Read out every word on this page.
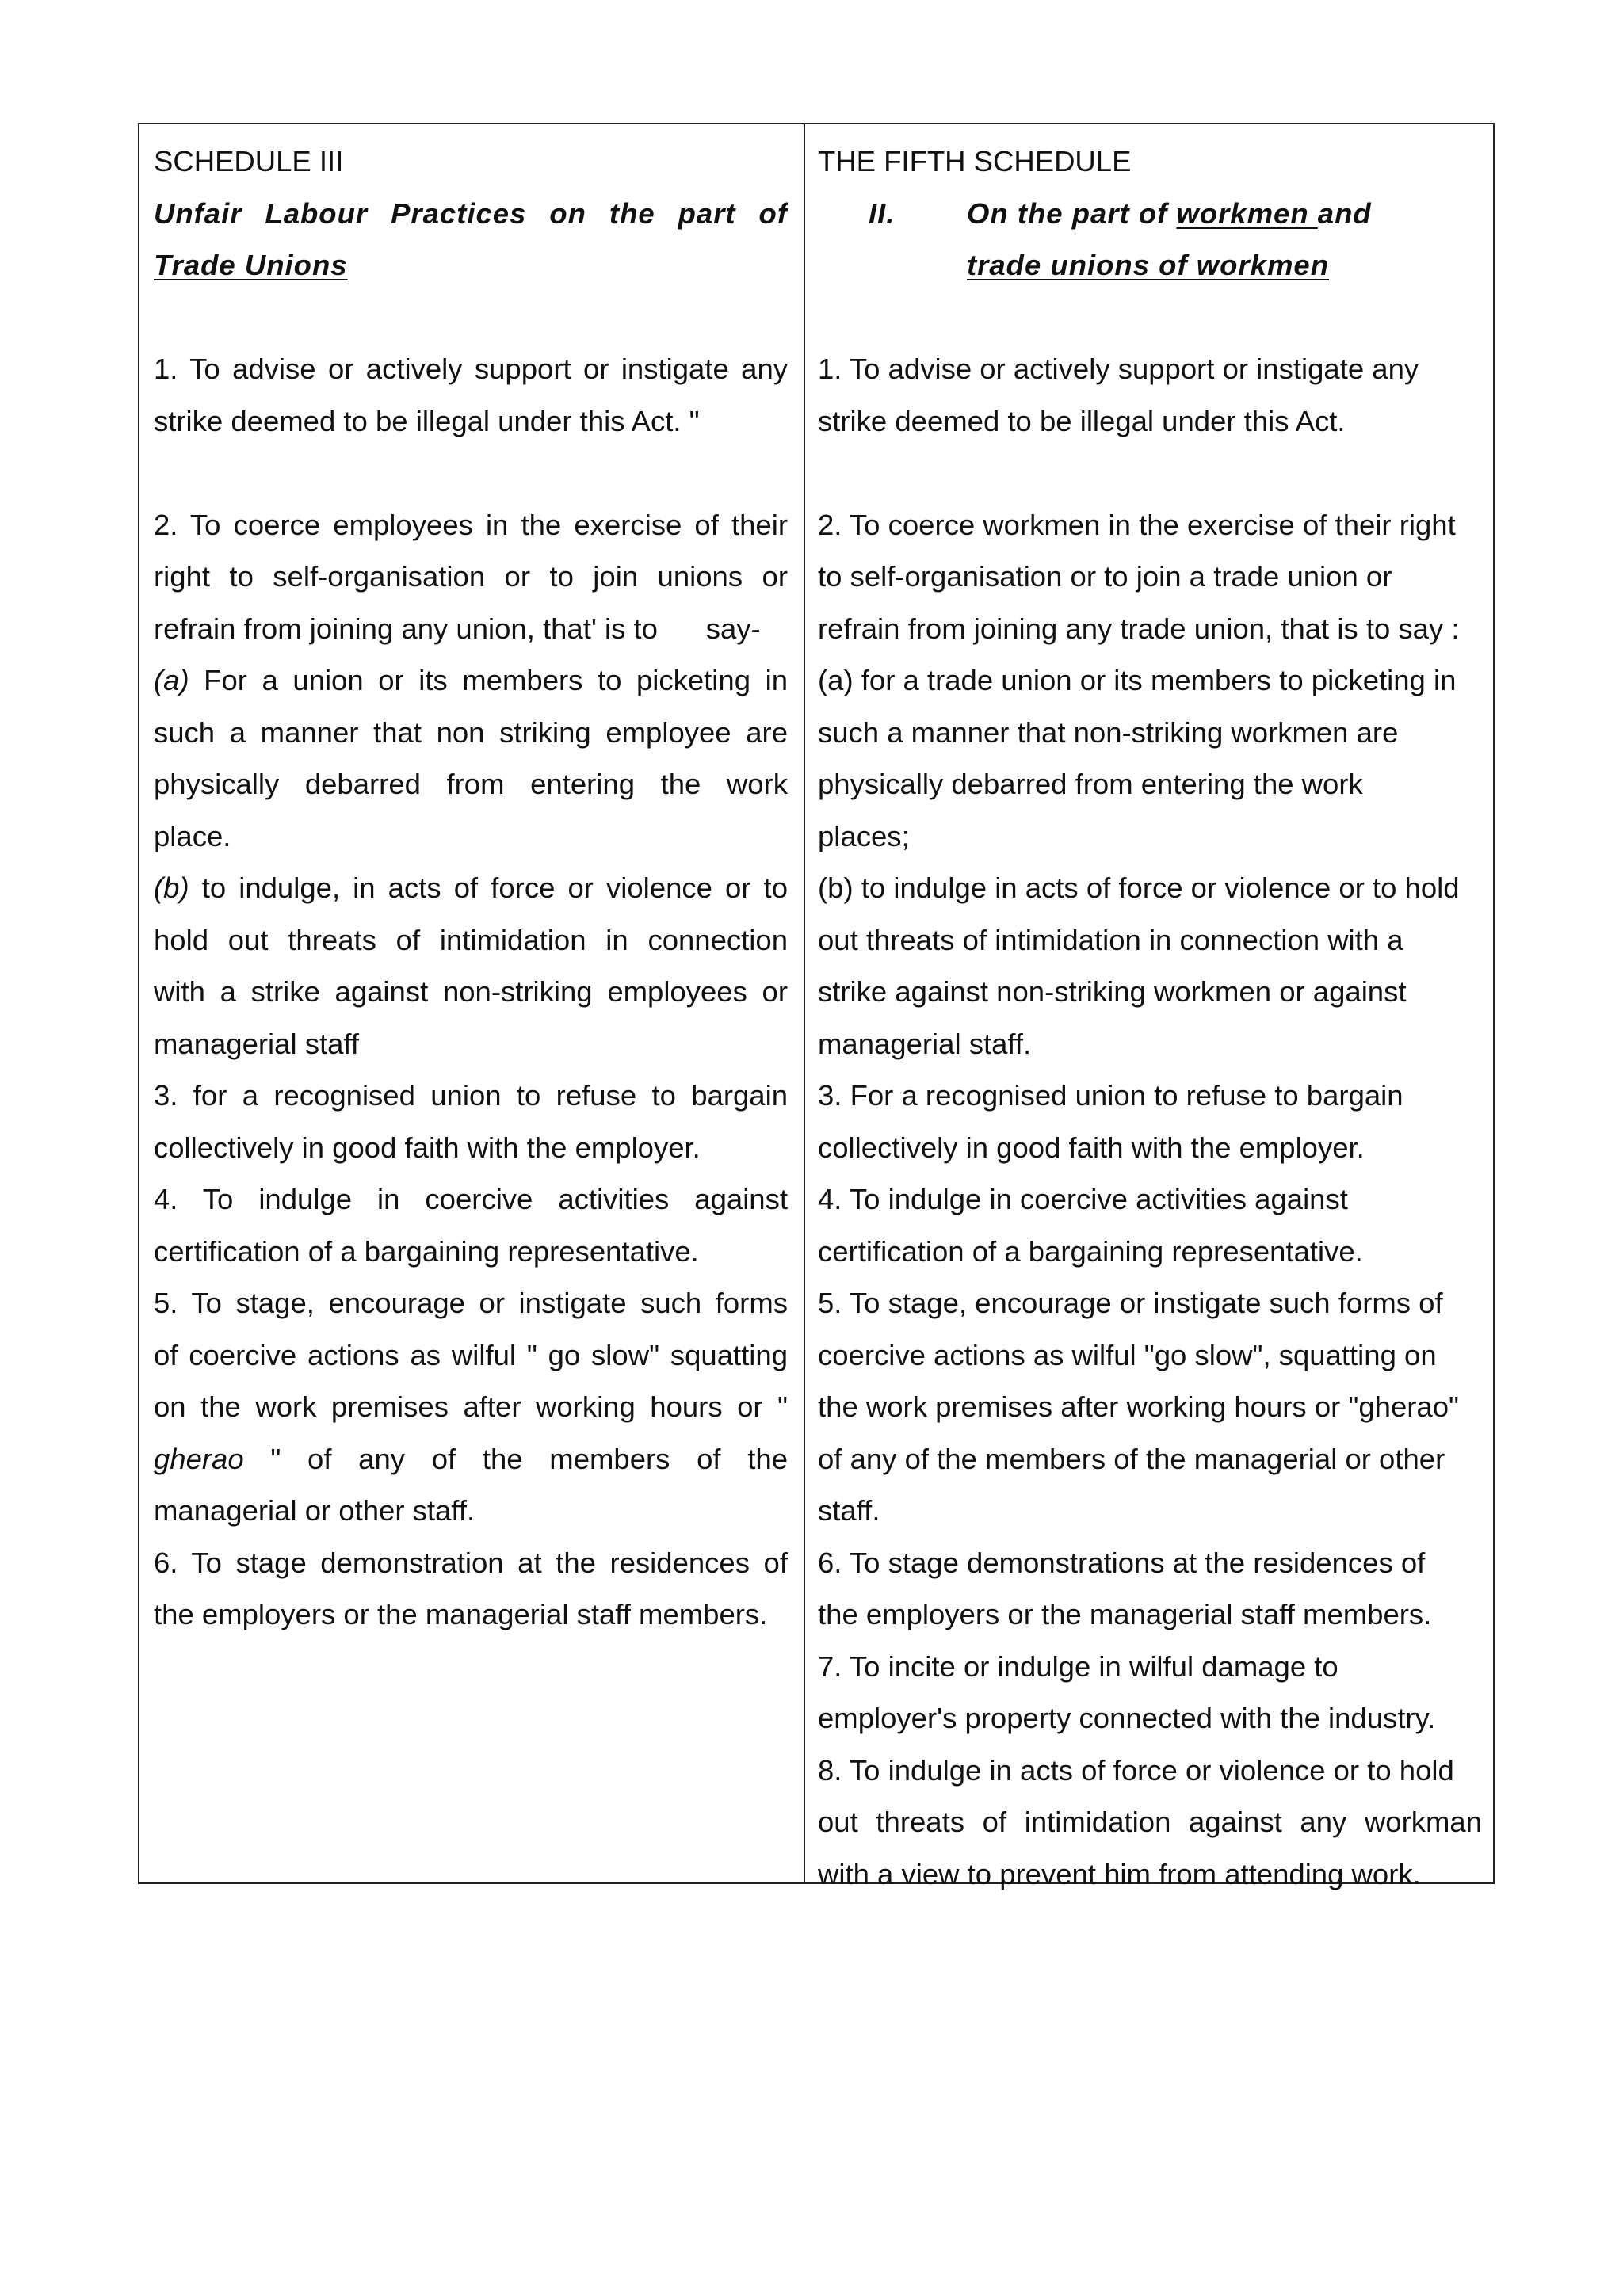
SCHEDULE III
Unfair Labour Practices on the part of
Trade Unions
1. To advise or actively support or instigate any
strike deemed to be illegal under this Act. "
2. To coerce employees in the exercise of their
right to self-organisation or to join unions or
refrain from joining any union, that' is to      say-
(a) For a union or its members to picketing in
such a manner that non striking employee are
physically debarred from entering the work
place.
(b) to indulge, in acts of force or violence or to
hold out threats of intimidation in connection
with a strike against non-striking employees or
managerial staff
3. for a recognised union to refuse to bargain
collectively in good faith with the employer.
4. To indulge in coercive activities against
certification of a bargaining representative.
5. To stage, encourage or instigate such forms
of coercive actions as wilful " go slow" squatting
on the work premises after working hours or "
gherao " of any of the members of the
managerial or other staff.
6. To stage demonstration at the residences of
the employers or the managerial staff members.
THE FIFTH SCHEDULE
II. On the part of workmen and
trade unions of workmen
1. To advise or actively support or instigate any
strike deemed to be illegal under this Act.
2. To coerce workmen in the exercise of their right
to self-organisation or to join a trade union or
refrain from joining any trade union, that is to say :
(a) for a trade union or its members to picketing in
such a manner that non-striking workmen are
physically debarred from entering the work
places;
(b) to indulge in acts of force or violence or to hold
out threats of intimidation in connection with a
strike against non-striking workmen or against
managerial staff.
3. For a recognised union to refuse to bargain
collectively in good faith with the employer.
4. To indulge in coercive activities against
certification of a bargaining representative.
5. To stage, encourage or instigate such forms of
coercive actions as wilful "go slow", squatting on
the work premises after working hours or "gherao"
of any of the members of the managerial or other
staff.
6. To stage demonstrations at the residences of
the employers or the managerial staff members.
7. To incite or indulge in wilful damage to
employer's property connected with the industry.
8. To indulge in acts of force or violence or to hold
out threats of intimidation against any workman
with a view to prevent him from attending work.
